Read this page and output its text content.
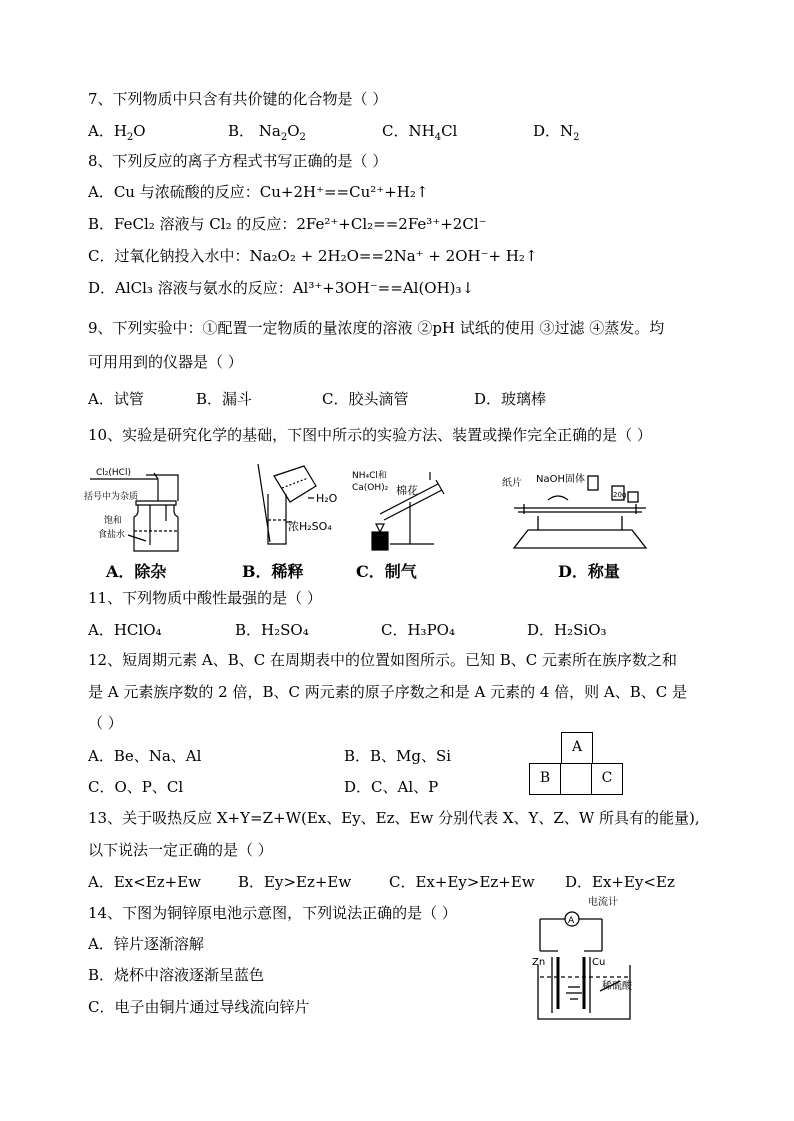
7、下列物质中只含有共价键的化合物是（ ）
A．$H_2O$	B． $Na_2O_2$	C．$NH_4Cl$	D．$N_2$
8、下列反应的离子方程式书写正确的是（ ）
A．Cu 与浓硫酸的反应：Cu+2H⁺==Cu²⁺+H₂↑
B．FeCl₂ 溶液与 Cl₂ 的反应：2Fe²⁺+Cl₂==2Fe³⁺+2Cl⁻
C．过氧化钠投入水中：Na₂O₂ + 2H₂O==2Na⁺ + 2OH⁻+ H₂↑
D．AlCl₃ 溶液与氨水的反应：Al³⁺+3OH⁻==Al(OH)₃↓
9、下列实验中：①配置一定物质的量浓度的溶液 ②pH 试纸的使用 ③过滤 ④蒸发。均
可用用到的仪器是（ ）
A．试管	B．漏斗	C．胶头滴管	D．玻璃棒
10、实验是研究化学的基础，下图中所示的实验方法、装置或操作完全正确的是（ ）
Cl₂(HCl)
括号中为杂质
饱和
食盐水
A．除杂
H₂O
浓H₂SO₄
B．稀释
NH₄Cl和
Ca(OH)₂ 棉花
C．制气
纸片 NaOH固体
20g
D．称量
11、下列物质中酸性最强的是（ ）
A．HClO₄	B．H₂SO₄	C．H₃PO₄	D．H₂SiO₃
12、短周期元素 A、B、C 在周期表中的位置如图所示。已知 B、C 元素所在族序数之和
是 A 元素族序数的 2 倍，B、C 两元素的原子序数之和是 A 元素的 4 倍，则 A、B、C 是
（ ）
A．Be、Na、Al	B．B、Mg、Si
C．O、P、Cl	D．C、Al、P
A
B	C
13、关于吸热反应 X+Y=Z+W(Ex、Ey、Ez、Ew 分别代表 X、Y、Z、W 所具有的能量),
以下说法一定正确的是（ ）
A．Ex<Ez+Ew B．Ey>Ez+Ew	C．Ex+Ey>Ez+Ew D．Ex+Ey<Ez
14、下图为铜锌原电池示意图，下列说法正确的是（ ）
A．锌片逐渐溶解
B．烧杯中溶液逐渐呈蓝色
C．电子由铜片通过导线流向锌片
A
电流计
Zn	Cu
稀硫酸
